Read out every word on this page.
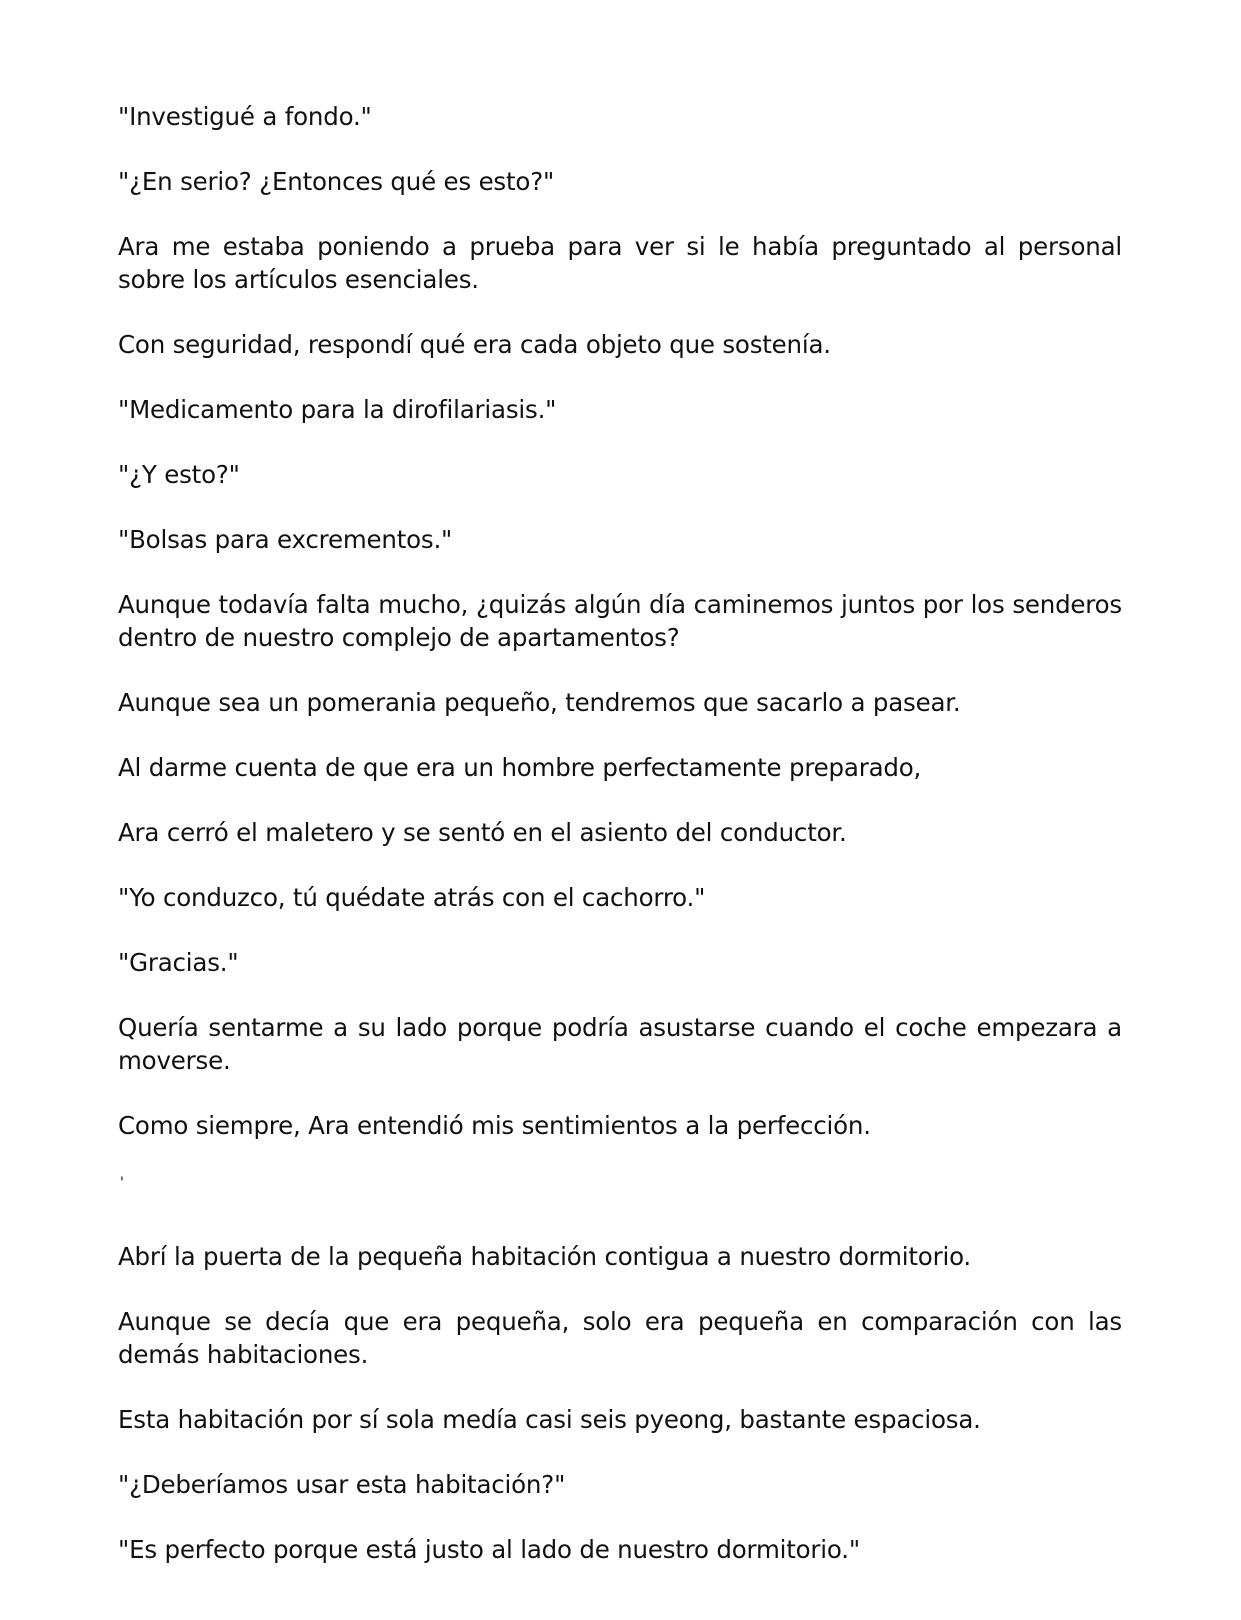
"Investigué a fondo."

"¿En serio? ¿Entonces qué es esto?"

Ara me estaba poniendo a prueba para ver si le había preguntado al personal sobre los artículos esenciales.

Con seguridad, respondí qué era cada objeto que sostenía.

"Medicamento para la dirofilariasis."

"¿Y esto?"

"Bolsas para excrementos."

Aunque todavía falta mucho, ¿quizás algún día caminemos juntos por los senderos dentro de nuestro complejo de apartamentos?

Aunque sea un pomerania pequeño, tendremos que sacarlo a pasear.

Al darme cuenta de que era un hombre perfectamente preparado,

Ara cerró el maletero y se sentó en el asiento del conductor.

"Yo conduzco, tú quédate atrás con el cachorro."

"Gracias."

Quería sentarme a su lado porque podría asustarse cuando el coche empezara a moverse.

Como siempre, Ara entendió mis sentimientos a la perfección.

'

Abrí la puerta de la pequeña habitación contigua a nuestro dormitorio.

Aunque se decía que era pequeña, solo era pequeña en comparación con las demás habitaciones.

Esta habitación por sí sola medía casi seis pyeong, bastante espaciosa.

"¿Deberíamos usar esta habitación?"

"Es perfecto porque está justo al lado de nuestro dormitorio."
